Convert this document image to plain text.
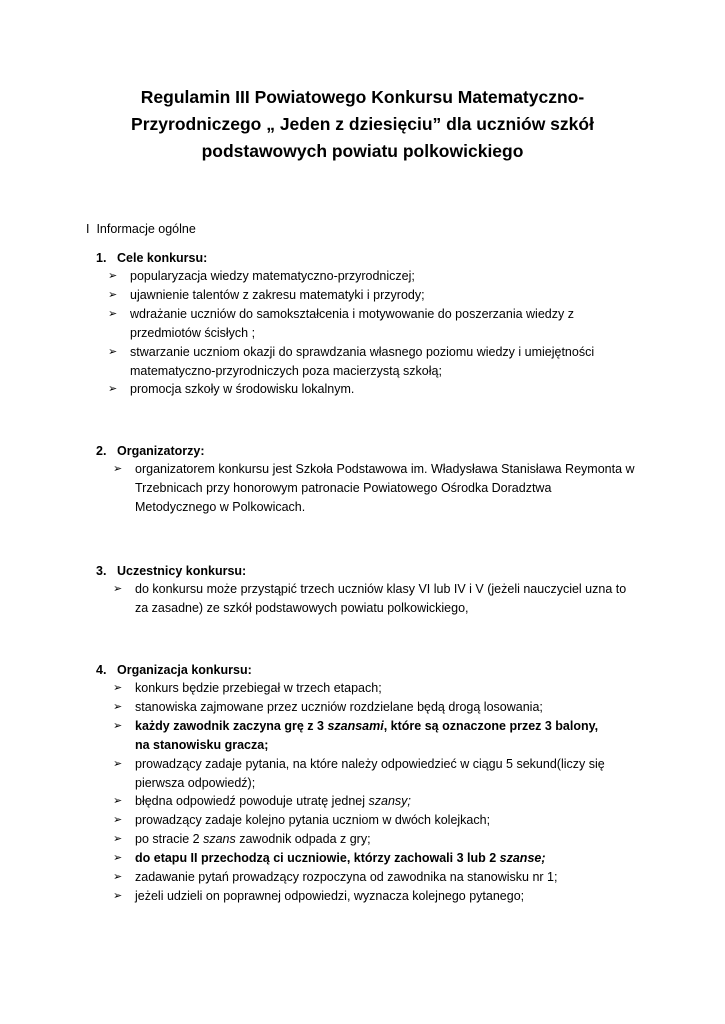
Regulamin III Powiatowego Konkursu Matematyczno-
Przyrodniczego „ Jeden z dziesięciu” dla uczniów szkół
podstawowych powiatu polkowickiego

I Informacje ogólne

1. Cele konkursu:

➢ popularyzacja wiedzy matematyczno-przyrodniczej;
➢ ujawnienie talentów z zakresu matematyki i przyrody;
➢ wdrażanie uczniów do samokształcenia i motywowanie do poszerzania wiedzy z przedmiotów ścisłych ;
➢ stwarzanie uczniom okazji do sprawdzania własnego poziomu wiedzy i umiejętności matematyczno-przyrodniczych poza macierzystą szkołą;
➢ promocja szkoły w środowisku lokalnym.

2. Organizatorzy:

➢ organizatorem konkursu jest Szkoła Podstawowa im. Władysława Stanisława Reymonta w Trzebnicach przy honorowym patronacie Powiatowego Ośrodka Doradztwa Metodycznego w Polkowicach.

3. Uczestnicy konkursu:

➢ do konkursu może przystąpić trzech uczniów klasy VI lub IV i V (jeżeli nauczyciel uzna to za zasadne) ze szkół podstawowych powiatu polkowickiego,

4. Organizacja konkursu:

➢ konkurs będzie przebiegał w trzech etapach;
➢ stanowiska zajmowane przez uczniów rozdzielane będą drogą losowania;
➢ każdy zawodnik zaczyna grę z 3 szansami, które są oznaczone przez 3 balony, na stanowisku gracza;
➢ prowadzący zadaje pytania, na które należy odpowiedzieć w ciągu 5 sekund(liczy się pierwsza odpowiedź);
➢ błędna odpowiedź powoduje utratę jednej szansy;
➢ prowadzący zadaje kolejno pytania uczniom w dwóch kolejkach;
➢ po stracie 2 szans zawodnik odpada z gry;
➢ do etapu II przechodzą ci uczniowie, którzy zachowali 3 lub 2 szanse;
➢ zadawanie pytań prowadzący rozpoczyna od zawodnika na stanowisku nr 1;
➢ jeżeli udzieli on poprawnej odpowiedzi, wyznacza kolejnego pytanego;
